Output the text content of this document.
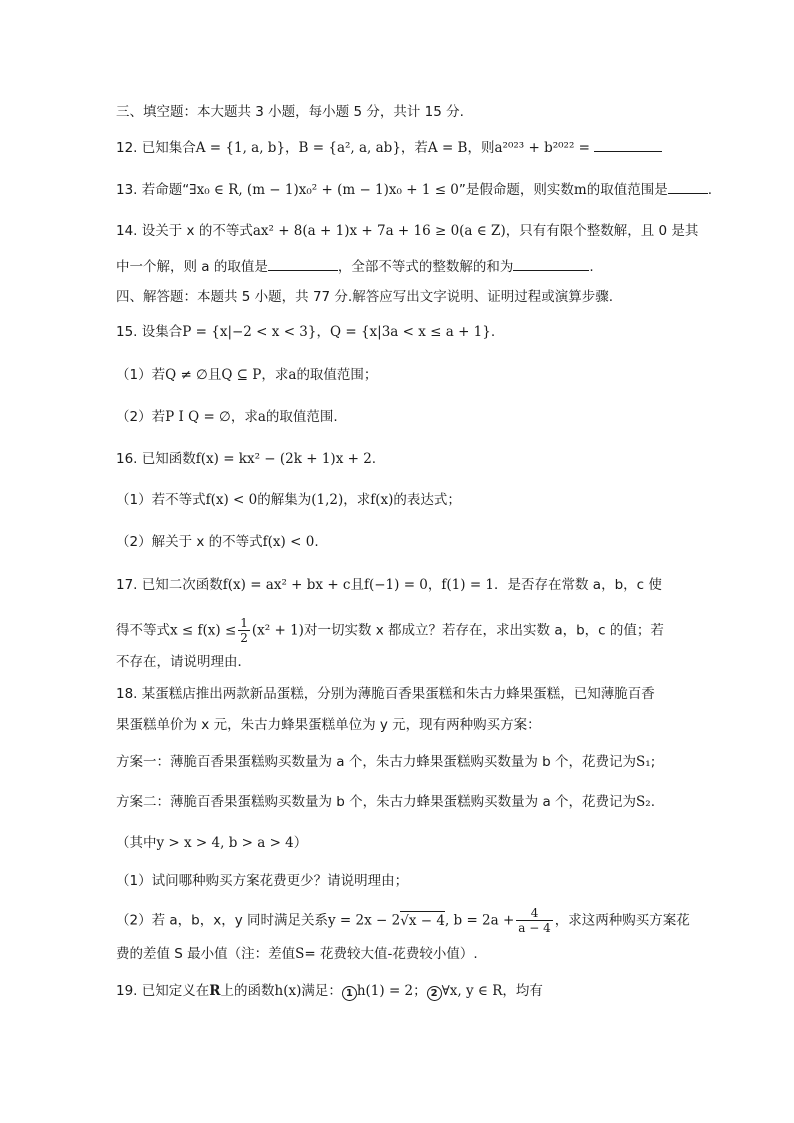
三、填空题：本大题共 3 小题，每小题 5 分，共计 15 分.
12. 已知集合A = {1, a, b}，B = {a², a, ab}，若A = B，则a²⁰²³ + b²⁰²² =
13. 若命题“∃x₀ ∈ R, (m − 1)x₀² + (m − 1)x₀ + 1 ≤ 0”是假命题，则实数m的取值范围是	.
14. 设关于 x 的不等式ax² + 8(a + 1)x + 7a + 16 ≥ 0(a ∈ Z)，只有有限个整数解，且 0 是其
中一个解，则 a 的取值是	，全部不等式的整数解的和为	.
四、解答题：本题共 5 小题，共 77 分.解答应写出文字说明、证明过程或演算步骤.
15. 设集合P = {x|−2 < x < 3}，Q = {x|3a < x ≤ a + 1}.
（1）若Q ≠ ∅且Q ⊆ P，求a的取值范围；
（2）若P I Q = ∅，求a的取值范围.
16. 已知函数f(x) = kx² − (2k + 1)x + 2.
（1）若不等式f(x) < 0的解集为(1,2)，求f(x)的表达式；
（2）解关于 x 的不等式f(x) < 0.
17. 已知二次函数f(x) = ax² + bx + c且f(−1) = 0，f(1) = 1．是否存在常数 a，b，c 使
得不等式$x \le f(x) \le \frac{1}{2} (x^2 + 1)$对一切实数 x 都成立？若存在，求出实数 a，b，c 的值；若
不存在，请说明理由．
18. 某蛋糕店推出两款新品蛋糕，分别为薄脆百香果蛋糕和朱古力蜂果蛋糕，已知薄脆百香
果蛋糕单价为 x 元，朱古力蜂果蛋糕单位为 y 元，现有两种购买方案：
方案一：薄脆百香果蛋糕购买数量为 a 个，朱古力蜂果蛋糕购买数量为 b 个，花费记为S₁;
方案二：薄脆百香果蛋糕购买数量为 b 个，朱古力蜂果蛋糕购买数量为 a 个，花费记为S₂.
（其中y > x > 4, b > a > 4）
（1）试问哪种购买方案花费更少？请说明理由；
（2）若 a，b，x，y 同时满足关系y = 2x − 2√x − 4, $b = 2a + \frac{4}{a - 4}$ ，求这两种购买方案花
费的差值 S 最小值（注：差值S= 花费较大值-花费较小值）.
19. 已知定义在R上的函数h(x)满足： 1 h(1) = 2； 2 ∀x, y ∈ R，均有
